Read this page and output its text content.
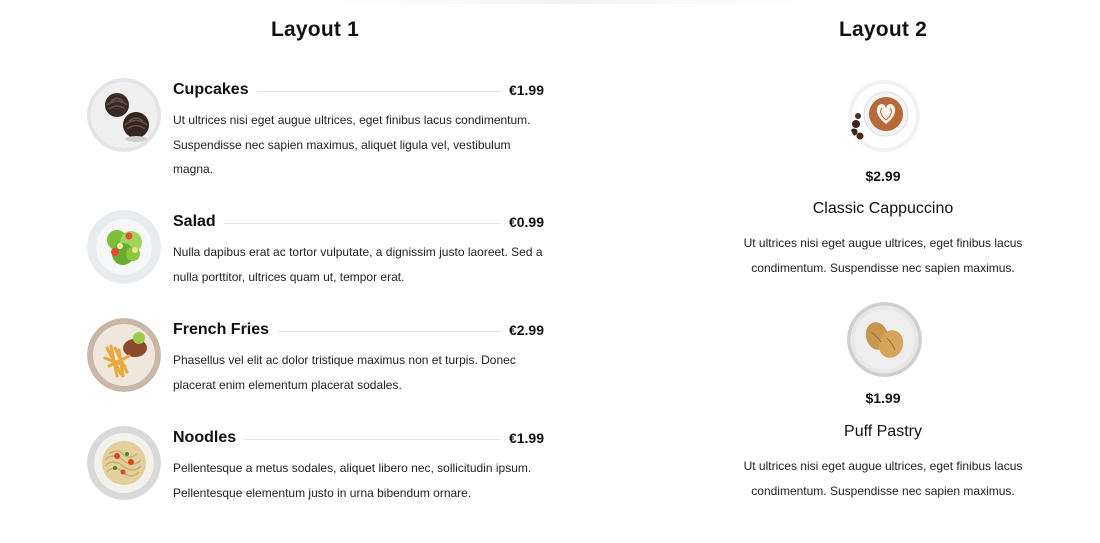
Layout 1
Cupcakes	€1.99
Ut ultrices nisi eget augue ultrices, eget finibus lacus condimentum. Suspendisse nec sapien maximus, aliquet ligula vel, vestibulum magna.
Salad	€0.99
Nulla dapibus erat ac tortor vulputate, a dignissim justo laoreet. Sed a nulla porttitor, ultrices quam ut, tempor erat.
French Fries	€2.99
Phasellus vel elit ac dolor tristique maximus non et turpis. Donec placerat enim elementum placerat sodales.
Noodles	€1.99
Pellentesque a metus sodales, aliquet libero nec, sollicitudin ipsum. Pellentesque elementum justo in urna bibendum ornare.
Layout 2
$2.99
Classic Cappuccino
Ut ultrices nisi eget augue ultrices, eget finibus lacus condimentum. Suspendisse nec sapien maximus.
$1.99
Puff Pastry
Ut ultrices nisi eget augue ultrices, eget finibus lacus condimentum. Suspendisse nec sapien maximus.
